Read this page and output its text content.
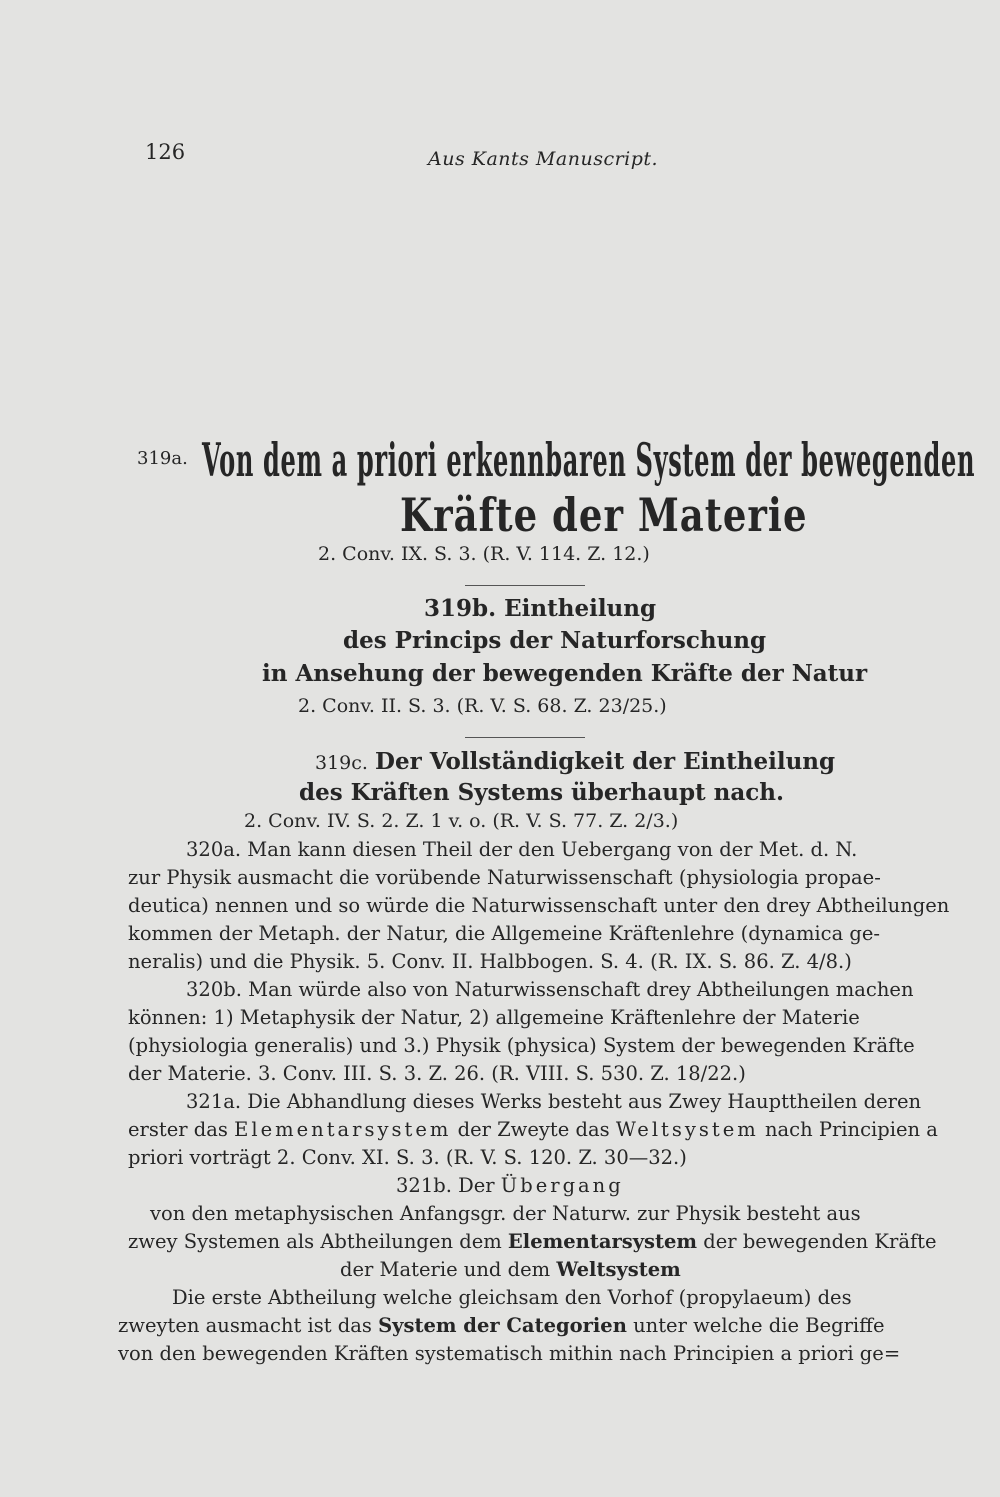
126	Aus Kants Manuscript.
319a. Von dem a priori erkennbaren System der bewegenden
Kräfte der Materie
2. Conv. IX. S. 3. (R. V. 114. Z. 12.)
319b. Eintheilung
des Princips der Naturforschung
in Ansehung der bewegenden Kräfte der Natur
2. Conv. II. S. 3. (R. V. S. 68. Z. 23/25.)
319c. Der Vollständigkeit der Eintheilung
des Kräften Systems überhaupt nach.
2. Conv. IV. S. 2. Z. 1 v. o. (R. V. S. 77. Z. 2/3.)
320a. Man kann diesen Theil der den Uebergang von der Met. d. N.
zur Physik ausmacht die vorübende Naturwissenschaft (physiologia propae-
deutica) nennen und so würde die Naturwissenschaft unter den drey Abtheilungen
kommen der Metaph. der Natur, die Allgemeine Kräftenlehre (dynamica ge-
neralis) und die Physik. 5. Conv. II. Halbbogen. S. 4. (R. IX. S. 86. Z. 4/8.)
320b. Man würde also von Naturwissenschaft drey Abtheilungen machen
können: 1) Metaphysik der Natur, 2) allgemeine Kräftenlehre der Materie
(physiologia generalis) und 3.) Physik (physica) System der bewegenden Kräfte
der Materie. 3. Conv. III. S. 3. Z. 26. (R. VIII. S. 530. Z. 18/22.)
321a. Die Abhandlung dieses Werks besteht aus Zwey Haupttheilen deren
erster das Elementarsystem der Zweyte das Weltsystem nach Principien a
priori vorträgt 2. Conv. XI. S. 3. (R. V. S. 120. Z. 30—32.)
321b. Der Übergang
von den metaphysischen Anfangsgr. der Naturw. zur Physik besteht aus
zwey Systemen als Abtheilungen dem Elementarsystem der bewegenden Kräfte
der Materie und dem Weltsystem
Die erste Abtheilung welche gleichsam den Vorhof (propylaeum) des
zweyten ausmacht ist das System der Categorien unter welche die Begriffe
von den bewegenden Kräften systematisch mithin nach Principien a priori ge=
